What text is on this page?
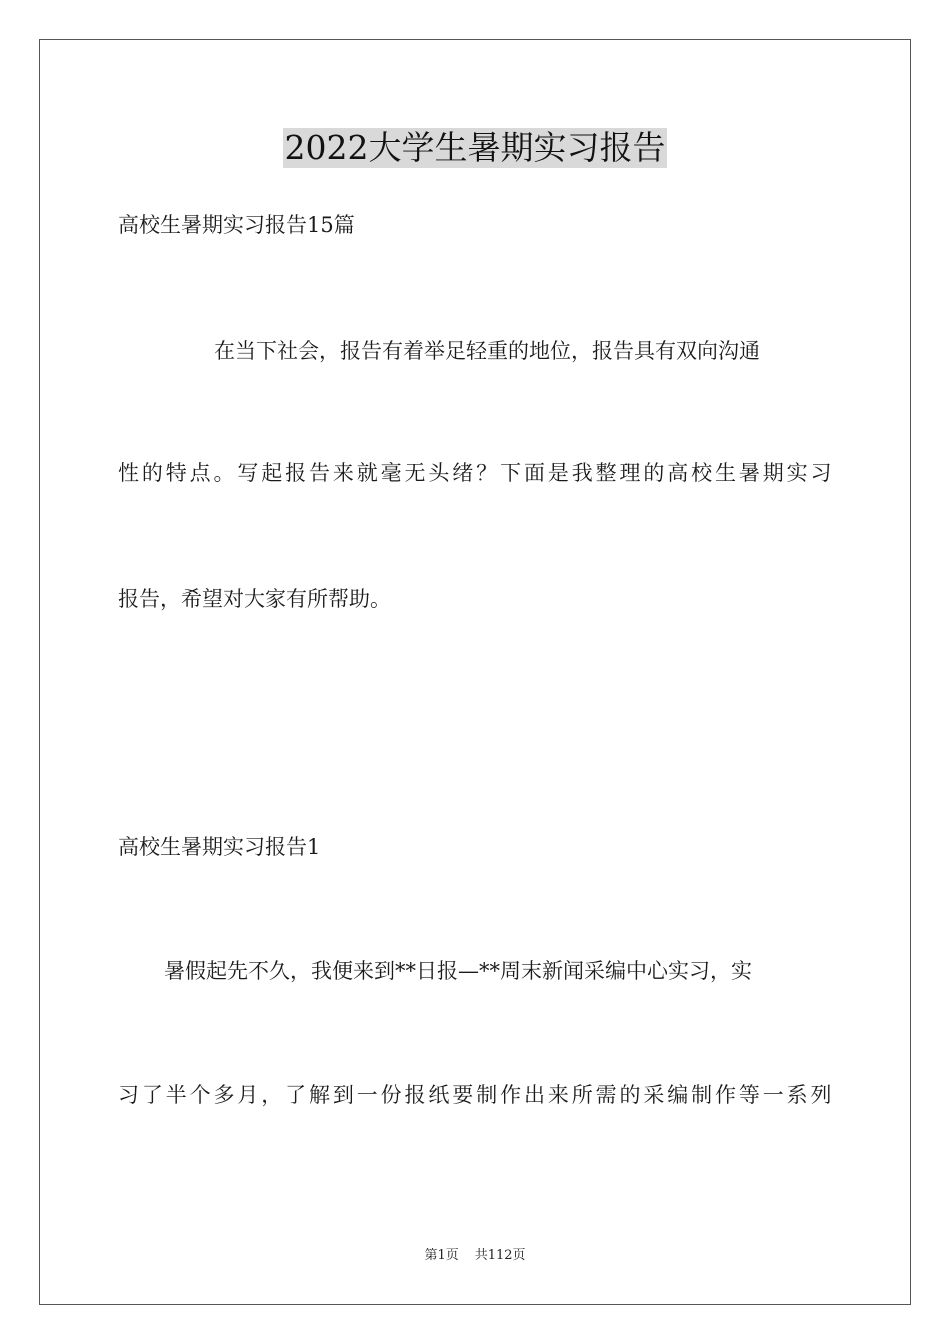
2022大学生暑期实习报告
高校生暑期实习报告15篇
在当下社会，报告有着举足轻重的地位，报告具有双向沟通
性的特点。写起报告来就毫无头绪？下面是我整理的高校生暑期实习
报告，希望对大家有所帮助。
高校生暑期实习报告1
暑假起先不久，我便来到**日报—**周末新闻采编中心实习，实
习了半个多月，了解到一份报纸要制作出来所需的采编制作等一系列
第1页 共112页
